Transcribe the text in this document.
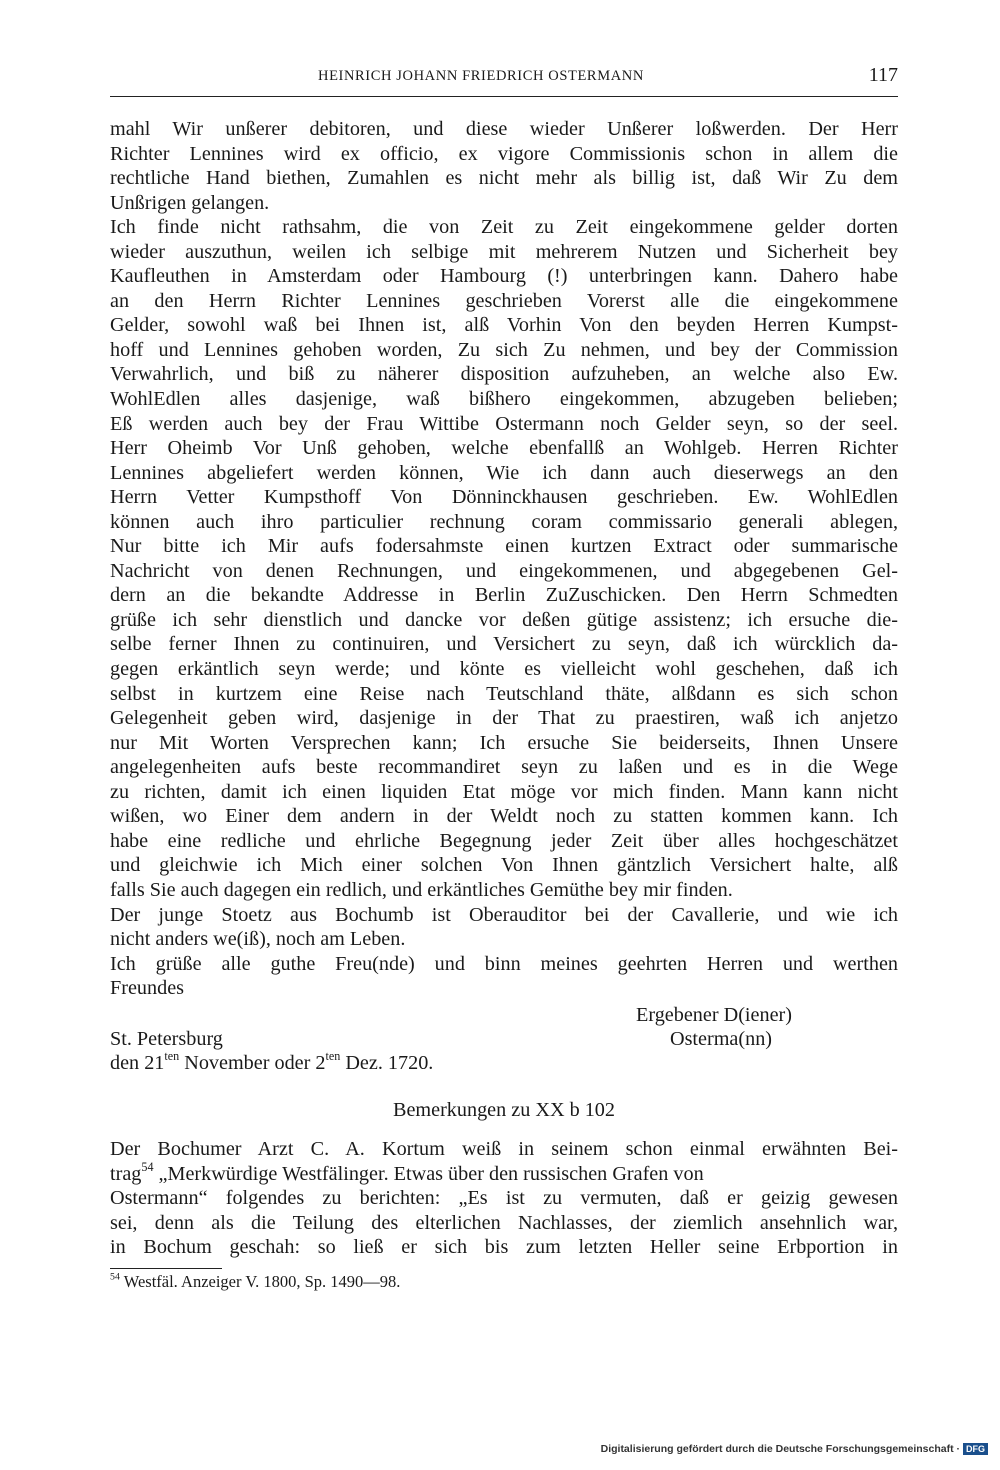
HEINRICH JOHANN FRIEDRICH OSTERMANN	117
mahl Wir unßerer debitoren, und diese wieder Unßerer loßwerden. Der Herr
Richter Lennines wird ex officio, ex vigore Commissionis schon in allem die
rechtliche Hand biethen, Zumahlen es nicht mehr als billig ist, daß Wir Zu dem
Unßrigen gelangen.
Ich finde nicht rathsahm, die von Zeit zu Zeit eingekommene gelder dorten
wieder auszuthun, weilen ich selbige mit mehrerem Nutzen und Sicherheit bey
Kaufleuthen in Amsterdam oder Hambourg (!) unterbringen kann. Dahero habe
an den Herrn Richter Lennines geschrieben Vorerst alle die eingekommene
Gelder, sowohl waß bei Ihnen ist, alß Vorhin Von den beyden Herren Kumpst-
hoff und Lennines gehoben worden, Zu sich Zu nehmen, und bey der Commission
Verwahrlich, und biß zu näherer disposition aufzuheben, an welche also Ew.
WohlEdlen alles dasjenige, waß bißhero eingekommen, abzugeben belieben;
Eß werden auch bey der Frau Wittibe Ostermann noch Gelder seyn, so der seel.
Herr Oheimb Vor Unß gehoben, welche ebenfallß an Wohlgeb. Herren Richter
Lennines abgeliefert werden können, Wie ich dann auch dieserwegs an den
Herrn Vetter Kumpsthoff Von Dönninckhausen geschrieben. Ew. WohlEdlen
können auch ihro particulier rechnung coram commissario generali ablegen,
Nur bitte ich Mir aufs fodersahmste einen kurtzen Extract oder summarische
Nachricht von denen Rechnungen, und eingekommenen, und abgegebenen Gel-
dern an die bekandte Addresse in Berlin ZuZuschicken. Den Herrn Schmedten
grüße ich sehr dienstlich und dancke vor deßen gütige assistenz; ich ersuche die-
selbe ferner Ihnen zu continuiren, und Versichert zu seyn, daß ich würcklich da-
gegen erkäntlich seyn werde; und könte es vielleicht wohl geschehen, daß ich
selbst in kurtzem eine Reise nach Teutschland thäte, alßdann es sich schon
Gelegenheit geben wird, dasjenige in der That zu praestiren, waß ich anjetzo
nur Mit Worten Versprechen kann; Ich ersuche Sie beiderseits, Ihnen Unsere
angelegenheiten aufs beste recommandiret seyn zu laßen und es in die Wege
zu richten, damit ich einen liquiden Etat möge vor mich finden. Mann kann nicht
wißen, wo Einer dem andern in der Weldt noch zu statten kommen kann. Ich
habe eine redliche und ehrliche Begegnung jeder Zeit über alles hochgeschätzet
und gleichwie ich Mich einer solchen Von Ihnen gäntzlich Versichert halte, alß
falls Sie auch dagegen ein redlich, und erkäntliches Gemüthe bey mir finden.
Der junge Stoetz aus Bochumb ist Oberauditor bei der Cavallerie, und wie ich
nicht anders we(iß), noch am Leben.
Ich grüße alle guthe Freu(nde) und binn meines geehrten Herren und werthen
Freundes
Ergebener D(iener)
St. Petersburg	Osterma(nn)
den $21^{ten}$ November oder $2^{ten}$ Dez. 1720.
Bemerkungen zu XX b 102
Der Bochumer Arzt C. A. Kortum weiß in seinem schon einmal erwähnten Bei-
trag$^{54}$ „Merkwürdige Westfälinger. Etwas über den russischen Grafen von
Ostermann“ folgendes zu berichten: „Es ist zu vermuten, daß er geizig gewesen
sei, denn als die Teilung des elterlichen Nachlasses, der ziemlich ansehnlich war,
in Bochum geschah: so ließ er sich bis zum letzten Heller seine Erbportion in
$^{54}$ Westfäl. Anzeiger V. 1800, Sp. 1490—98.
Digitalisierung gefördert durch die Deutsche Forschungsgemeinschaft · DFG
